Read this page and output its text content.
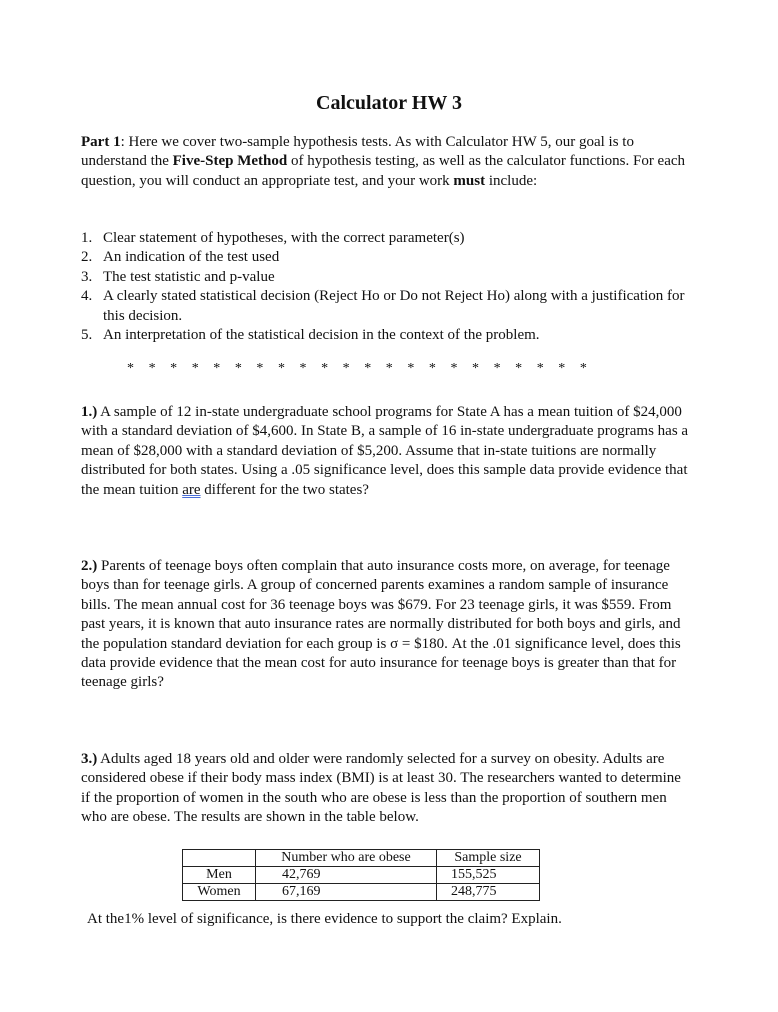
Calculator HW 3

Part 1: Here we cover two-sample hypothesis tests. As with Calculator HW 5, our goal is to understand the Five-Step Method of hypothesis testing, as well as the calculator functions. For each question, you will conduct an appropriate test, and your work must include:

1. Clear statement of hypotheses, with the correct parameter(s)
2. An indication of the test used
3. The test statistic and p-value
4. A clearly stated statistical decision (Reject Ho or Do not Reject Ho) along with a justification for this decision.
5. An interpretation of the statistical decision in the context of the problem.
* * * * * * * * * * * * * * * * * * * * * *

1.) A sample of 12 in-state undergraduate school programs for State A has a mean tuition of $24,000 with a standard deviation of $4,600. In State B, a sample of 16 in-state undergraduate programs has a mean of $28,000 with a standard deviation of $5,200. Assume that in-state tuitions are normally distributed for both states. Using a .05 significance level, does this sample data provide evidence that the mean tuition are different for the two states?

2.) Parents of teenage boys often complain that auto insurance costs more, on average, for teenage boys than for teenage girls. A group of concerned parents examines a random sample of insurance bills. The mean annual cost for 36 teenage boys was $679. For 23 teenage girls, it was $559. From past years, it is known that auto insurance rates are normally distributed for both boys and girls, and the population standard deviation for each group is σ = $180. At the .01 significance level, does this data provide evidence that the mean cost for auto insurance for teenage boys is greater than that for teenage girls?

3.) Adults aged 18 years old and older were randomly selected for a survey on obesity. Adults are considered obese if their body mass index (BMI) is at least 30. The researchers wanted to determine if the proportion of women in the south who are obese is less than the proportion of southern men who are obese. The results are shown in the table below.

	Number who are obese	Sample size
Men	42,769	155,525
Women	67,169	248,775

At the1% level of significance, is there evidence to support the claim? Explain.
